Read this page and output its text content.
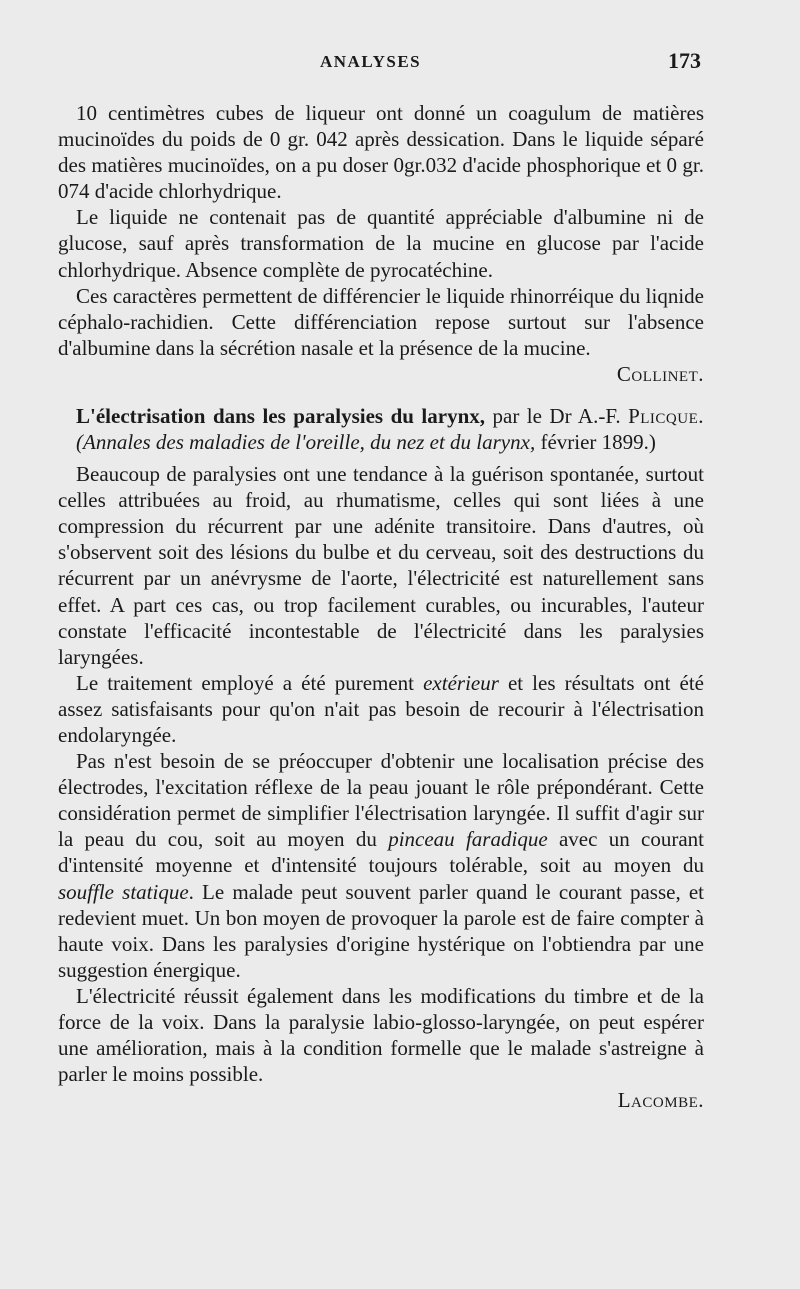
ANALYSES	173

10 centimètres cubes de liqueur ont donné un coagulum de matières mucinoïdes du poids de 0 gr. 042 après dessication. Dans le liquide séparé des matières mucinoïdes, on a pu doser 0gr.032 d'acide phosphorique et 0 gr. 074 d'acide chlorhydrique.

Le liquide ne contenait pas de quantité appréciable d'albumine ni de glucose, sauf après transformation de la mucine en glucose par l'acide chlorhydrique. Absence complète de pyrocatéchine.

Ces caractères permettent de différencier le liquide rhinorréique du liqnide céphalo-rachidien. Cette différenciation repose surtout sur l'absence d'albumine dans la sécrétion nasale et la présence de la mucine.

Collinet.

L'électrisation dans les paralysies du larynx, par le Dr A.-F. Plicque. (Annales des maladies de l'oreille, du nez et du larynx, février 1899.)

Beaucoup de paralysies ont une tendance à la guérison spontanée, surtout celles attribuées au froid, au rhumatisme, celles qui sont liées à une compression du récurrent par une adénite transitoire. Dans d'autres, où s'observent soit des lésions du bulbe et du cerveau, soit des destructions du récurrent par un anévrysme de l'aorte, l'électricité est naturellement sans effet. A part ces cas, ou trop facilement curables, ou incurables, l'auteur constate l'efficacité incontestable de l'électricité dans les paralysies laryngées.

Le traitement employé a été purement extérieur et les résultats ont été assez satisfaisants pour qu'on n'ait pas besoin de recourir à l'électrisation endolaryngée.

Pas n'est besoin de se préoccuper d'obtenir une localisation précise des électrodes, l'excitation réflexe de la peau jouant le rôle prépondérant. Cette considération permet de simplifier l'électrisation laryngée. Il suffit d'agir sur la peau du cou, soit au moyen du pinceau faradique avec un courant d'intensité moyenne et d'intensité toujours tolérable, soit au moyen du souffle statique. Le malade peut souvent parler quand le courant passe, et redevient muet. Un bon moyen de provoquer la parole est de faire compter à haute voix. Dans les paralysies d'origine hystérique on l'obtiendra par une suggestion énergique.

L'électricité réussit également dans les modifications du timbre et de la force de la voix. Dans la paralysie labio-glosso-laryngée, on peut espérer une amélioration, mais à la condition formelle que le malade s'astreigne à parler le moins possible.

Lacombe.
